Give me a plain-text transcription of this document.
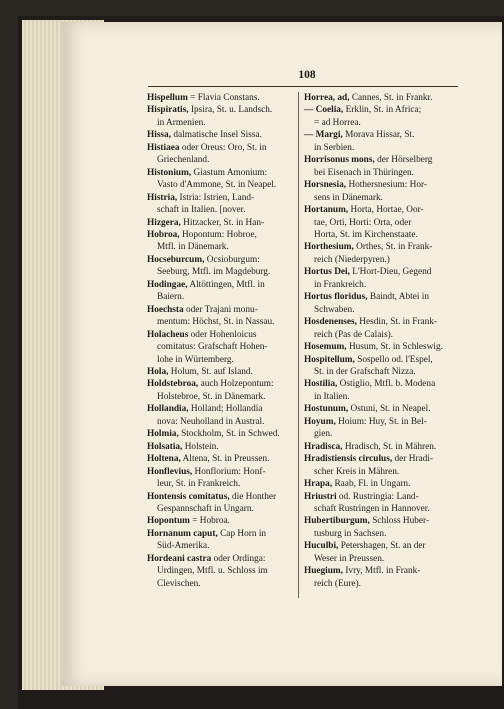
108

Hispellum = Flavia Constans.

Hispiratis, Ipsira, St. u. Landsch.
in Armenien.

Hissa, dalmatische Insel Sissa.

Histiaea oder Oreus: Oro, St. in
Griechenland.

Histonium, Giastum Amonium:
Vasto d'Ammone, St. in Neapel.

Histria, Istria: Istrien, Land-
schaft in Italien. [nover.

Hizgera, Hitzacker, St. in Han-

Hobroa, Hopontum: Hobroe,
Mtfl. in Dänemark.

Hocseburcum, Ocsioburgum:
Seeburg, Mtfl. im Magdeburg.

Hodingae, Altöttingen, Mtfl. in
Baiern.

Hoechsta oder Trajani monu-
mentum: Höchst, St. in Nassau.

Holacheus oder Hohenloicus
comitatus: Grafschaft Hohen-
lohe in Würtemberg.

Hola, Holum, St. auf Island.

Holdstebroa, auch Holzepontum:
Holstebroe, St. in Dänemark.

Hollandia, Holland; Hollandia
nova: Neuholland in Austral.

Holmia, Stockholm, St. in Schwed.

Holsatia, Holstein.

Holtena, Altena, St. in Preussen.

Honflevius, Honflorium: Honf-
leur, St. in Frankreich.

Hontensis comitatus, die Honther
Gespannschaft in Ungarn.

Hopontum = Hobroa.

Hornanum caput, Cap Horn in
Süd-Amerika.

Hordeani castra oder Ordinga:
Urdingen, Mtfl. u. Schloss im
Clevischen.

Horrea, ad, Cannes, St. in Frankr.

— Coelia, Erklin, St. in Africa;
= ad Horrea.

— Margi, Morava Hissar, St.
in Serbien.

Horrisonus mons, der Hörselberg
bei Eisenach in Thüringen.

Horsnesia, Hothersnesium: Hor-
sens in Dänemark.

Hortanum, Horta, Hortae, Oor-
tae, Orti, Horti: Orta, oder
Horta, St. im Kirchenstaate.

Horthesium, Orthes, St. in Frank-
reich (Niederpyren.)

Hortus Dei, L'Hort-Dieu, Gegend
in Frankreich.

Hortus floridus, Baindt, Abtei in
Schwaben.

Hosdenenses, Hesdin, St. in Frank-
reich (Pas de Calais).

Hosemum, Husum, St. in Schleswig.

Hospitellum, Sospello od. l'Espel,
St. in der Grafschaft Nizza.

Hostilia, Ostiglio, Mtfl. b. Modena
in Italien.

Hostunum, Ostuni, St. in Neapel.

Hoyum, Hoium: Huy, St. in Bel-
gien.

Hradisca, Hradisch, St. in Mähren.

Hradistiensis circulus, der Hradi-
scher Kreis in Mähren.

Hrapa, Raab, Fl. in Ungarn.

Hriustri od. Rustringia: Land-
schaft Rustringen in Hannover.

Hubertiburgum, Schloss Huber-
tusburg in Sachsen.

Huculbi, Petershagen, St. an der
Weser in Preussen.

Huegium, Ivry, Mtfl. in Frank-
reich (Eure).
